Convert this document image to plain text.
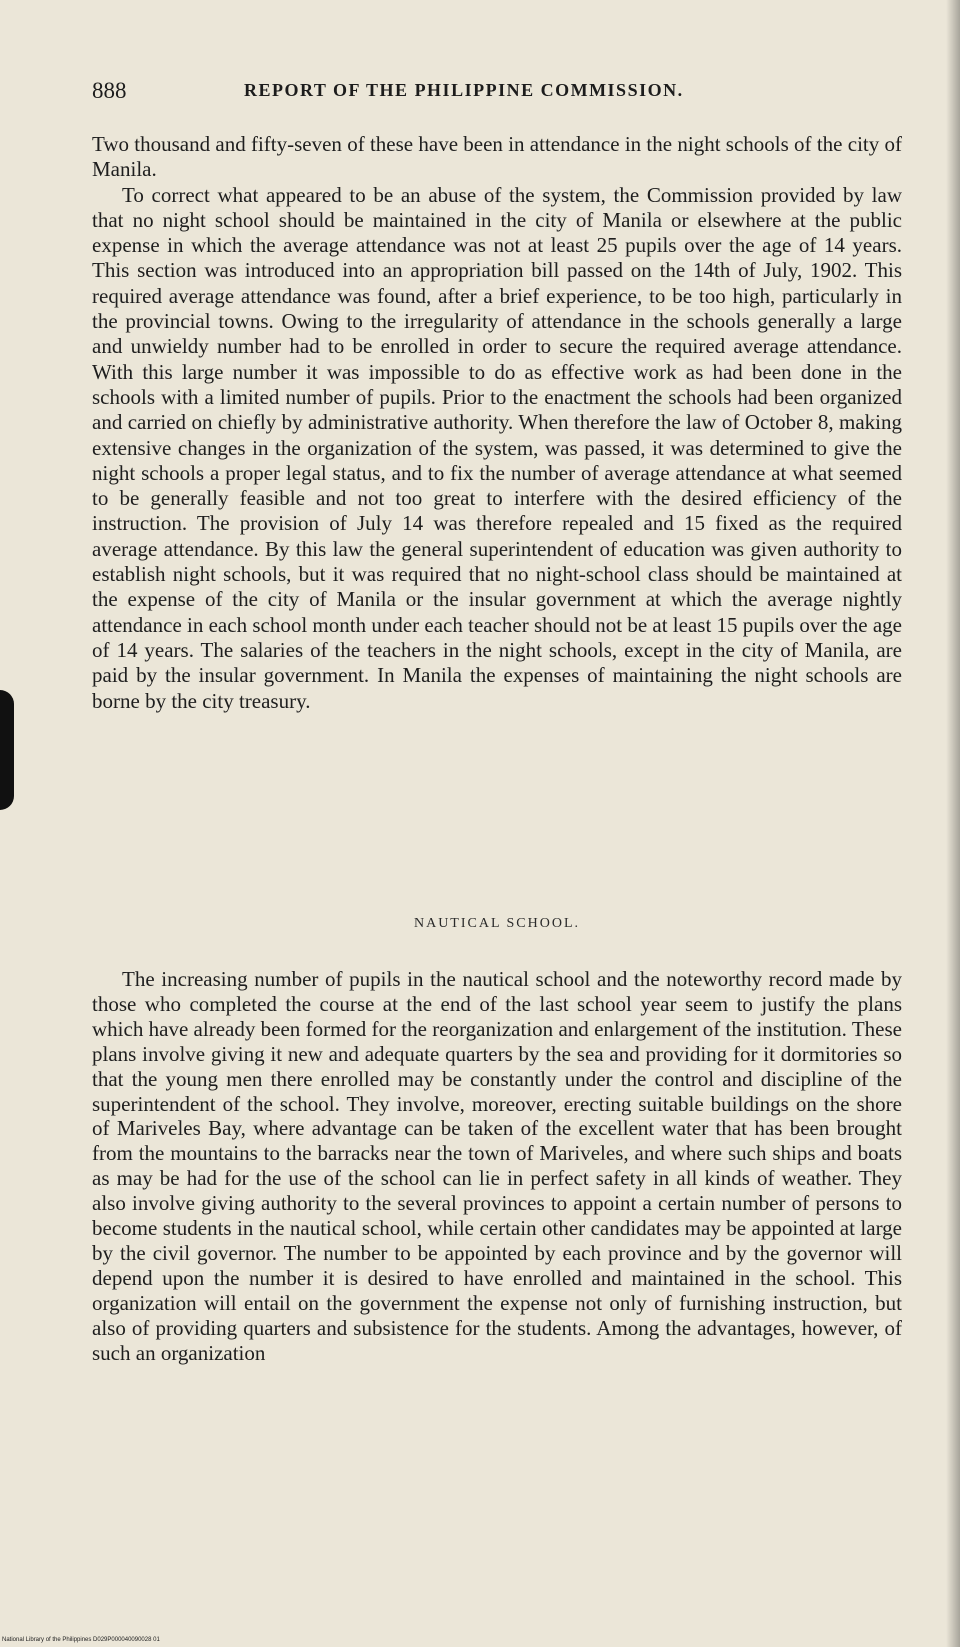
888	REPORT OF THE PHILIPPINE COMMISSION.

Two thousand and fifty-seven of these have been in attendance in the night schools of the city of Manila.

To correct what appeared to be an abuse of the system, the Commission provided by law that no night school should be maintained in the city of Manila or elsewhere at the public expense in which the average attendance was not at least 25 pupils over the age of 14 years. This section was introduced into an appropriation bill passed on the 14th of July, 1902. This required average attendance was found, after a brief experience, to be too high, particularly in the provincial towns. Owing to the irregularity of attendance in the schools generally a large and unwieldy number had to be enrolled in order to secure the required average attendance. With this large number it was impossible to do as effective work as had been done in the schools with a limited number of pupils. Prior to the enactment the schools had been organized and carried on chiefly by administrative authority. When therefore the law of October 8, making extensive changes in the organization of the system, was passed, it was determined to give the night schools a proper legal status, and to fix the number of average attendance at what seemed to be generally feasible and not too great to interfere with the desired efficiency of the instruction. The provision of July 14 was therefore repealed and 15 fixed as the required average attendance. By this law the general superintendent of education was given authority to establish night schools, but it was required that no night-school class should be maintained at the expense of the city of Manila or the insular government at which the average nightly attendance in each school month under each teacher should not be at least 15 pupils over the age of 14 years. The salaries of the teachers in the night schools, except in the city of Manila, are paid by the insular government. In Manila the expenses of maintaining the night schools are borne by the city treasury.

NAUTICAL SCHOOL.

The increasing number of pupils in the nautical school and the noteworthy record made by those who completed the course at the end of the last school year seem to justify the plans which have already been formed for the reorganization and enlargement of the institution. These plans involve giving it new and adequate quarters by the sea and providing for it dormitories so that the young men there enrolled may be constantly under the control and discipline of the superintendent of the school. They involve, moreover, erecting suitable buildings on the shore of Mariveles Bay, where advantage can be taken of the excellent water that has been brought from the mountains to the barracks near the town of Mariveles, and where such ships and boats as may be had for the use of the school can lie in perfect safety in all kinds of weather. They also involve giving authority to the several provinces to appoint a certain number of persons to become students in the nautical school, while certain other candidates may be appointed at large by the civil governor. The number to be appointed by each province and by the governor will depend upon the number it is desired to have enrolled and maintained in the school. This organization will entail on the government the expense not only of furnishing instruction, but also of providing quarters and subsistence for the students. Among the advantages, however, of such an organization

National Library of the Philippines D029P000040090028 01
